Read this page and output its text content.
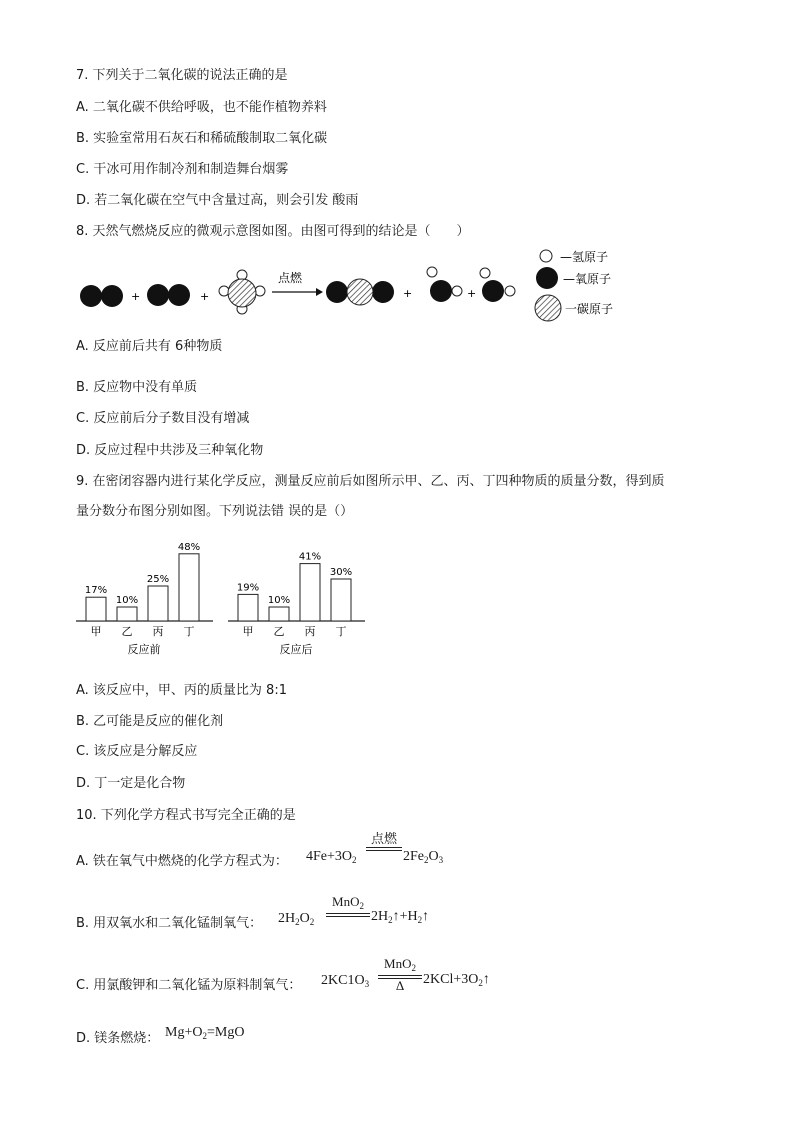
7. 下列关于二氧化碳的说法正确的是
A. 二氧化碳不供给呼吸，也不能作植物养料
B. 实验室常用石灰石和稀硫酸制取二氧化碳
C. 干冰可用作制冷剂和制造舞台烟雾
D. 若二氧化碳在空气中含量过高，则会引发 酸雨
8. 天然气燃烧反应的微观示意图如图。由图可得到的结论是（　　）
+	+
点燃
+	+
—氢原子
—氧原子
一碳原子
A. 反应前后共有 6种物质
B. 反应物中没有单质
C. 反应前后分子数目没有增减
D. 反应过程中共涉及三种氧化物
9. 在密闭容器内进行某化学反应，测量反应前后如图所示甲、乙、丙、丁四种物质的质量分数，得到质
量分数分布图分别如图。下列说法错 误的是（）
17%
甲
10%
乙
25%
丙
48%
丁
反应前
19%
甲
10%
乙
41%
丙
30%
丁
反应后
A. 该反应中，甲、丙的质量比为 8:1
B. 乙可能是反应的催化剂
C. 该反应是分解反应
D. 丁一定是化合物
10. 下列化学方程式书写完全正确的是
A. 铁在氧气中燃烧的化学方程式为： $4Fe+3O_2$
点燃
$2Fe_2O_3$
B. 用双氧水和二氧化锰制氧气： $2H_2O_2$
MnO$_2$
$2H_2↑+H_2↑$
C. 用氯酸钾和二氧化锰为原料制氧气： $2KC1O_3$
MnO$_2$
Δ	$2KCl+3O_2↑$
D. 镁条燃烧： $Mg+O_2=MgO$
